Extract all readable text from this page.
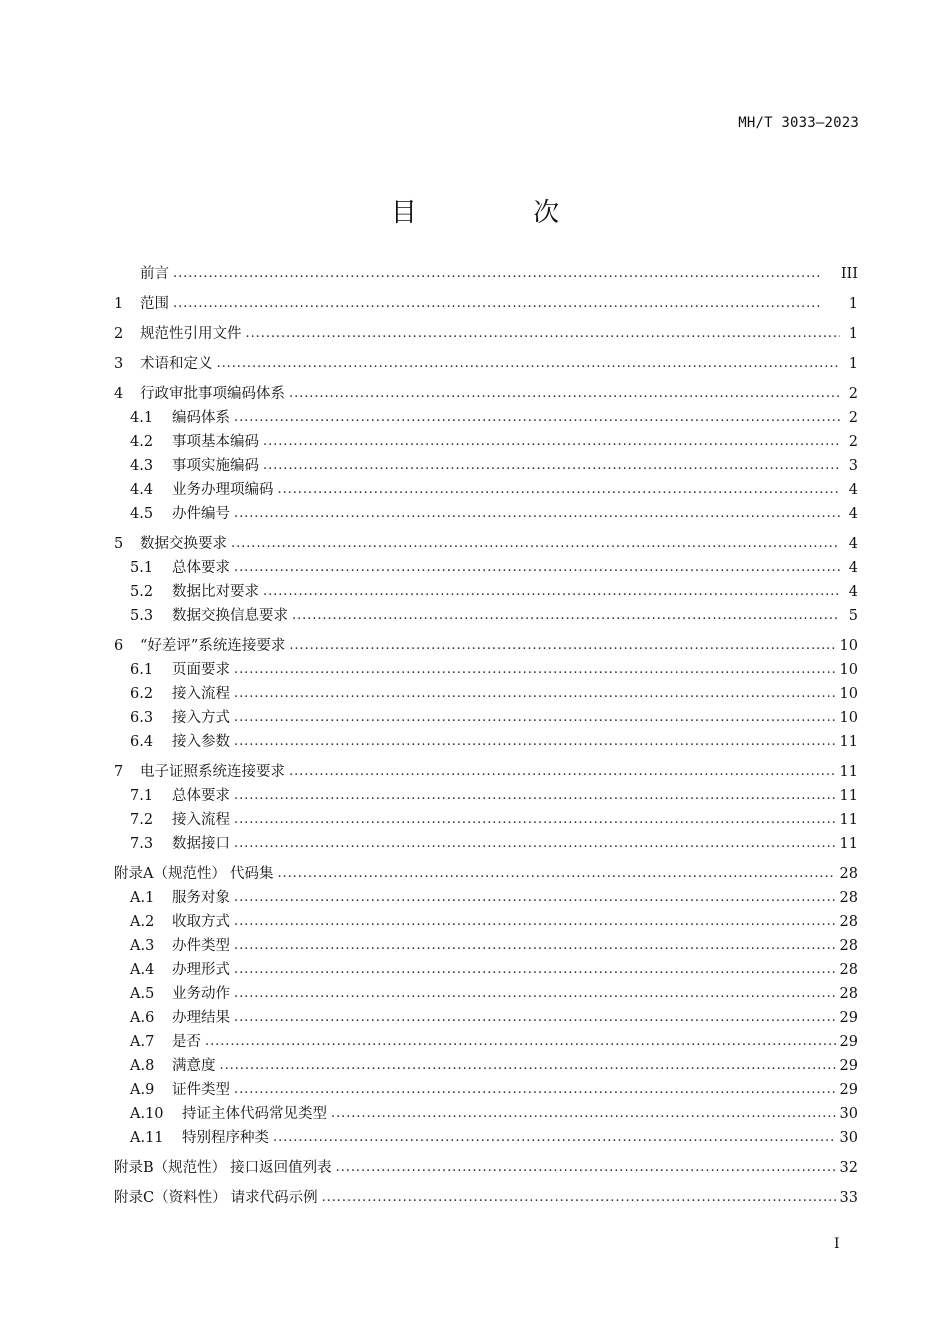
MH/T 3033—2023
目 次
前言 . . .	III
1	范围 . . .	1
2	规范性引用文件 . . .	1
3	术语和定义 . . .	1
4	行政审批事项编码体系 . . .	2
4.1	编码体系 . . .	2
4.2	事项基本编码 . . .	2
4.3	事项实施编码 . . .	3
4.4	业务办理项编码 . . .	4
4.5	办件编号 . . .	4
5	数据交换要求 . . .	4
5.1	总体要求 . . .	4
5.2	数据比对要求 . . .	4
5.3	数据交换信息要求 . . .	5
6	“好差评”系统连接要求 . . .	10
6.1	页面要求 . . .	10
6.2	接入流程 . . .	10
6.3	接入方式 . . .	10
6.4	接入参数 . . .	11
7	电子证照系统连接要求 . . .	11
7.1	总体要求 . . .	11
7.2	接入流程 . . .	11
7.3	数据接口 . . .	11
附录A（规范性） 代码集 . . .	28
A.1	服务对象 . . .	28
A.2	收取方式 . . .	28
A.3	办件类型 . . .	28
A.4	办理形式 . . .	28
A.5	业务动作 . . .	28
A.6	办理结果 . . .	29
A.7	是否 . . .	29
A.8	满意度 . . .	29
A.9	证件类型 . . .	29
A.10	持证主体代码常见类型 . . .	30
A.11	特别程序种类 . . .	30
附录B（规范性） 接口返回值列表 . . .	32
附录C（资料性） 请求代码示例 . . .	33
I
